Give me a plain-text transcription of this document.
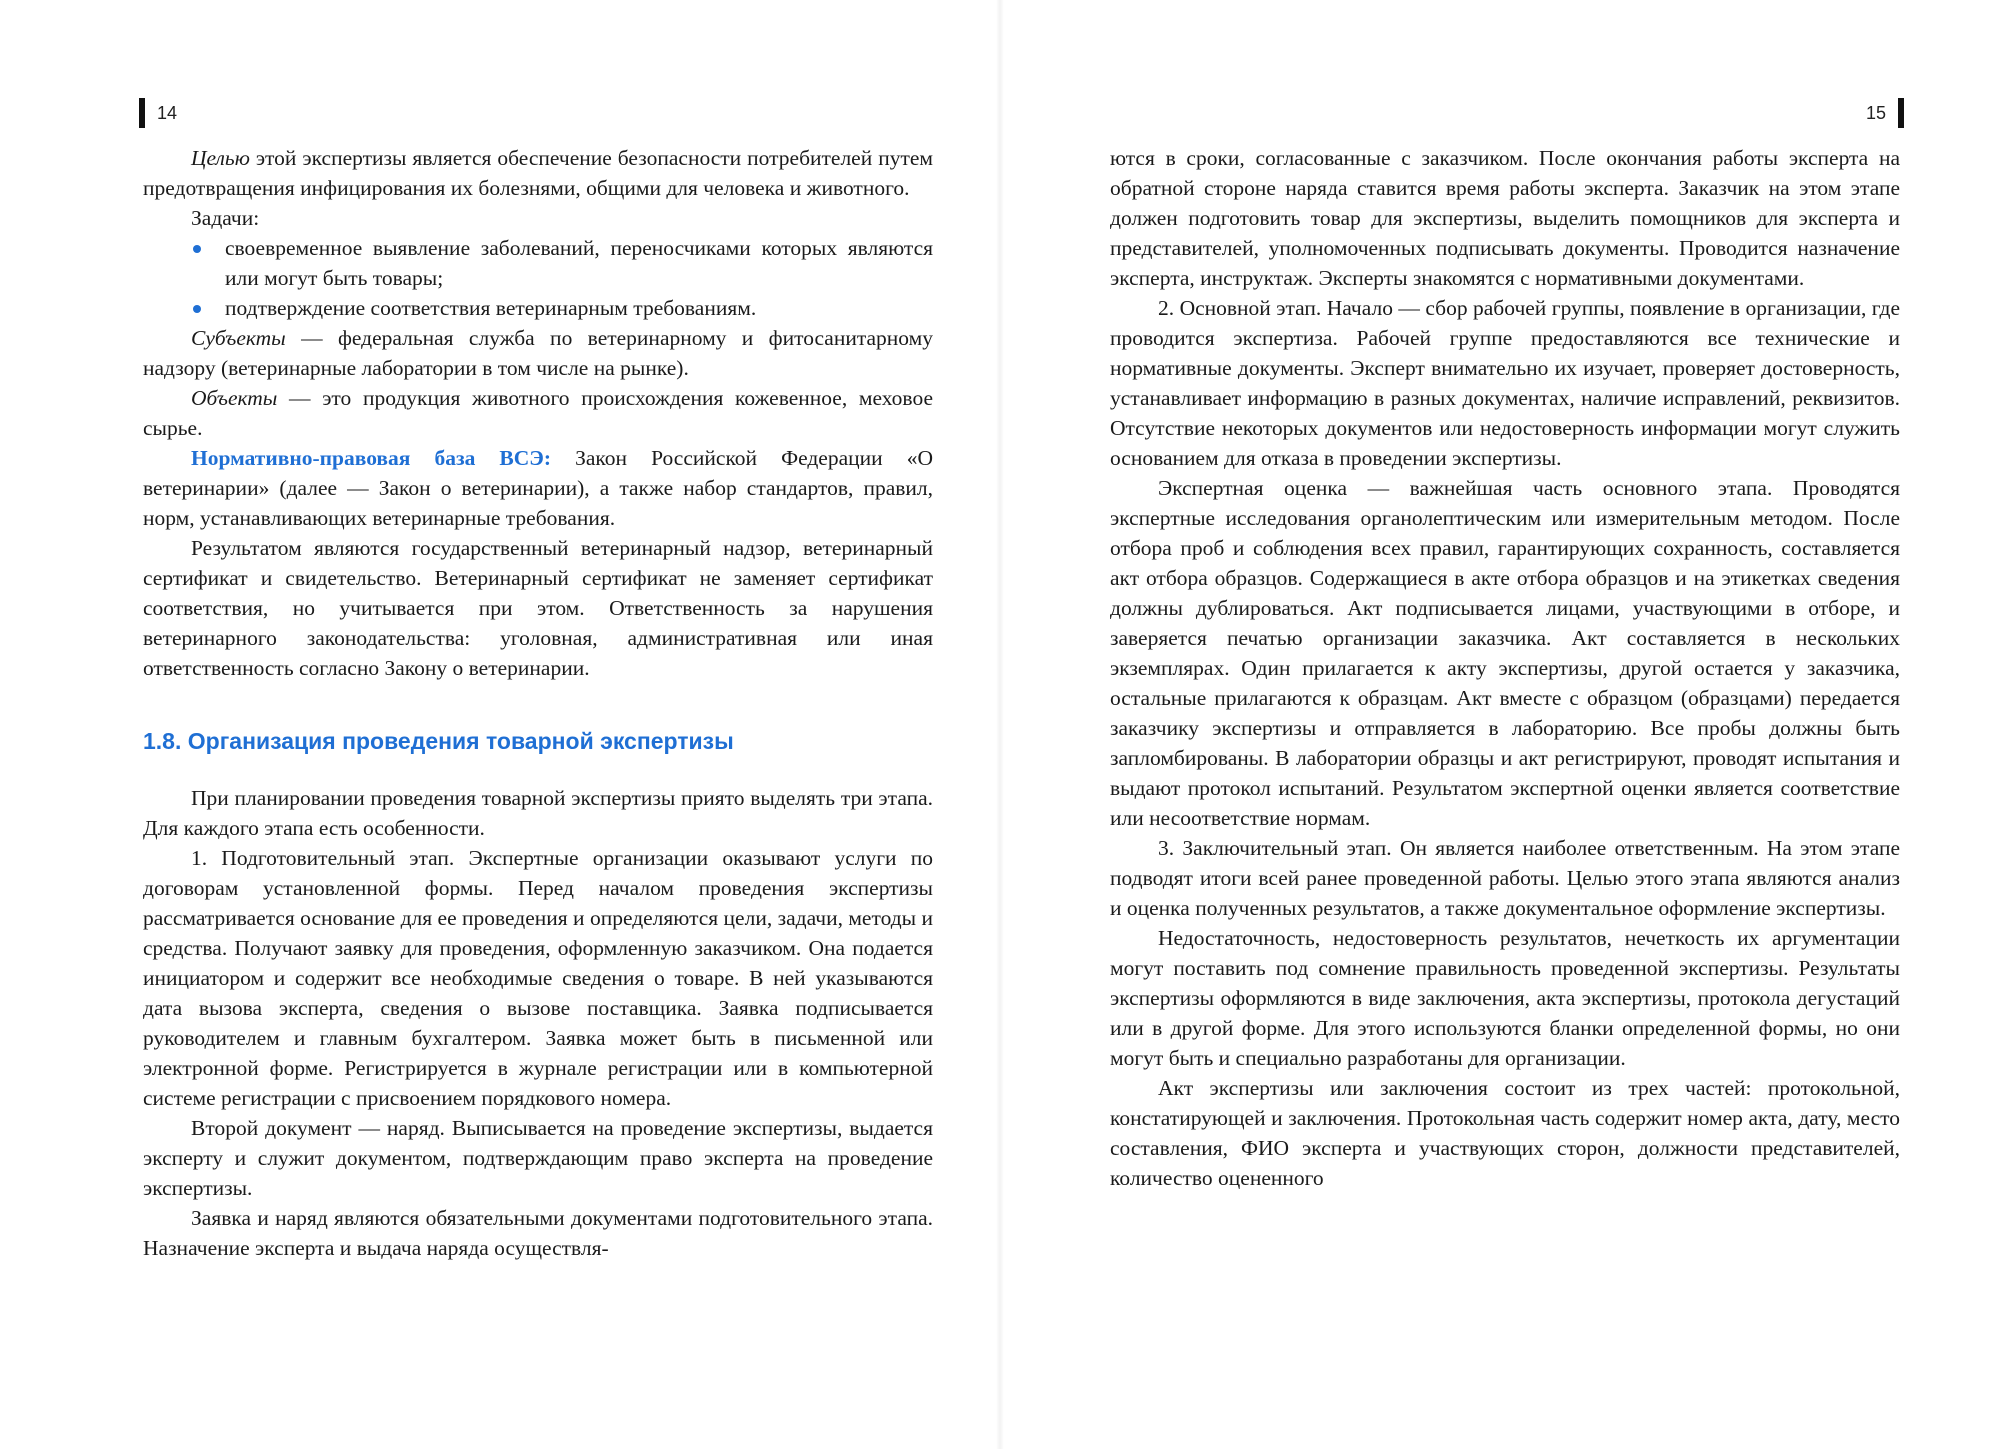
14

Целью этой экспертизы является обеспечение безопасности потребителей путем предотвращения инфицирования их болезнями, общими для человека и животного.

Задачи:

своевременное выявление заболеваний, переносчиками которых являются или могут быть товары;
подтверждение соответствия ветеринарным требованиям.

Субъекты — федеральная служба по ветеринарному и фитосанитарному надзору (ветеринарные лаборатории в том числе на рынке).

Объекты — это продукция животного происхождения кожевенное, меховое сырье.

Нормативно-правовая база ВСЭ: Закон Российской Федерации «О ветеринарии» (далее — Закон о ветеринарии), а также набор стандартов, правил, норм, устанавливающих ветеринарные требования.

Результатом являются государственный ветеринарный надзор, ветеринарный сертификат и свидетельство. Ветеринарный сертификат не заменяет сертификат соответствия, но учитывается при этом. Ответственность за нарушения ветеринарного законодательства: уголовная, административная или иная ответственность согласно Закону о ветеринарии.

1.8. Организация проведения товарной экспертизы

При планировании проведения товарной экспертизы приято выделять три этапа. Для каждого этапа есть особенности.

1. Подготовительный этап. Экспертные организации оказывают услуги по договорам установленной формы. Перед началом проведения экспертизы рассматривается основание для ее проведения и определяются цели, задачи, методы и средства. Получают заявку для проведения, оформленную заказчиком. Она подается инициатором и содержит все необходимые сведения о товаре. В ней указываются дата вызова эксперта, сведения о вызове поставщика. Заявка подписывается руководителем и главным бухгалтером. Заявка может быть в письменной или электронной форме. Регистрируется в журнале регистрации или в компьютерной системе регистрации с присвоением порядкового номера.

Второй документ — наряд. Выписывается на проведение экспертизы, выдается эксперту и служит документом, подтверждающим право эксперта на проведение экспертизы.

Заявка и наряд являются обязательными документами подготовительного этапа. Назначение эксперта и выдача наряда осуществля-

15

ются в сроки, согласованные с заказчиком. После окончания работы эксперта на обратной стороне наряда ставится время работы эксперта. Заказчик на этом этапе должен подготовить товар для экспертизы, выделить помощников для эксперта и представителей, уполномоченных подписывать документы. Проводится назначение эксперта, инструктаж. Эксперты знакомятся с нормативными документами.

2. Основной этап. Начало — сбор рабочей группы, появление в организации, где проводится экспертиза. Рабочей группе предоставляются все технические и нормативные документы. Эксперт внимательно их изучает, проверяет достоверность, устанавливает информацию в разных документах, наличие исправлений, реквизитов. Отсутствие некоторых документов или недостоверность информации могут служить основанием для отказа в проведении экспертизы.

Экспертная оценка — важнейшая часть основного этапа. Проводятся экспертные исследования органолептическим или измерительным методом. После отбора проб и соблюдения всех правил, гарантирующих сохранность, составляется акт отбора образцов. Содержащиеся в акте отбора образцов и на этикетках сведения должны дублироваться. Акт подписывается лицами, участвующими в отборе, и заверяется печатью организации заказчика. Акт составляется в нескольких экземплярах. Один прилагается к акту экспертизы, другой остается у заказчика, остальные прилагаются к образцам. Акт вместе с образцом (образцами) передается заказчику экспертизы и отправляется в лабораторию. Все пробы должны быть запломбированы. В лаборатории образцы и акт регистрируют, проводят испытания и выдают протокол испытаний. Результатом экспертной оценки является соответствие или несоответствие нормам.

3. Заключительный этап. Он является наиболее ответственным. На этом этапе подводят итоги всей ранее проведенной работы. Целью этого этапа являются анализ и оценка полученных результатов, а также документальное оформление экспертизы.

Недостаточность, недостоверность результатов, нечеткость их аргументации могут поставить под сомнение правильность проведенной экспертизы. Результаты экспертизы оформляются в виде заключения, акта экспертизы, протокола дегустаций или в другой форме. Для этого используются бланки определенной формы, но они могут быть и специально разработаны для организации.

Акт экспертизы или заключения состоит из трех частей: протокольной, констатирующей и заключения. Протокольная часть содержит номер акта, дату, место составления, ФИО эксперта и участвующих сторон, должности представителей, количество оцененного
